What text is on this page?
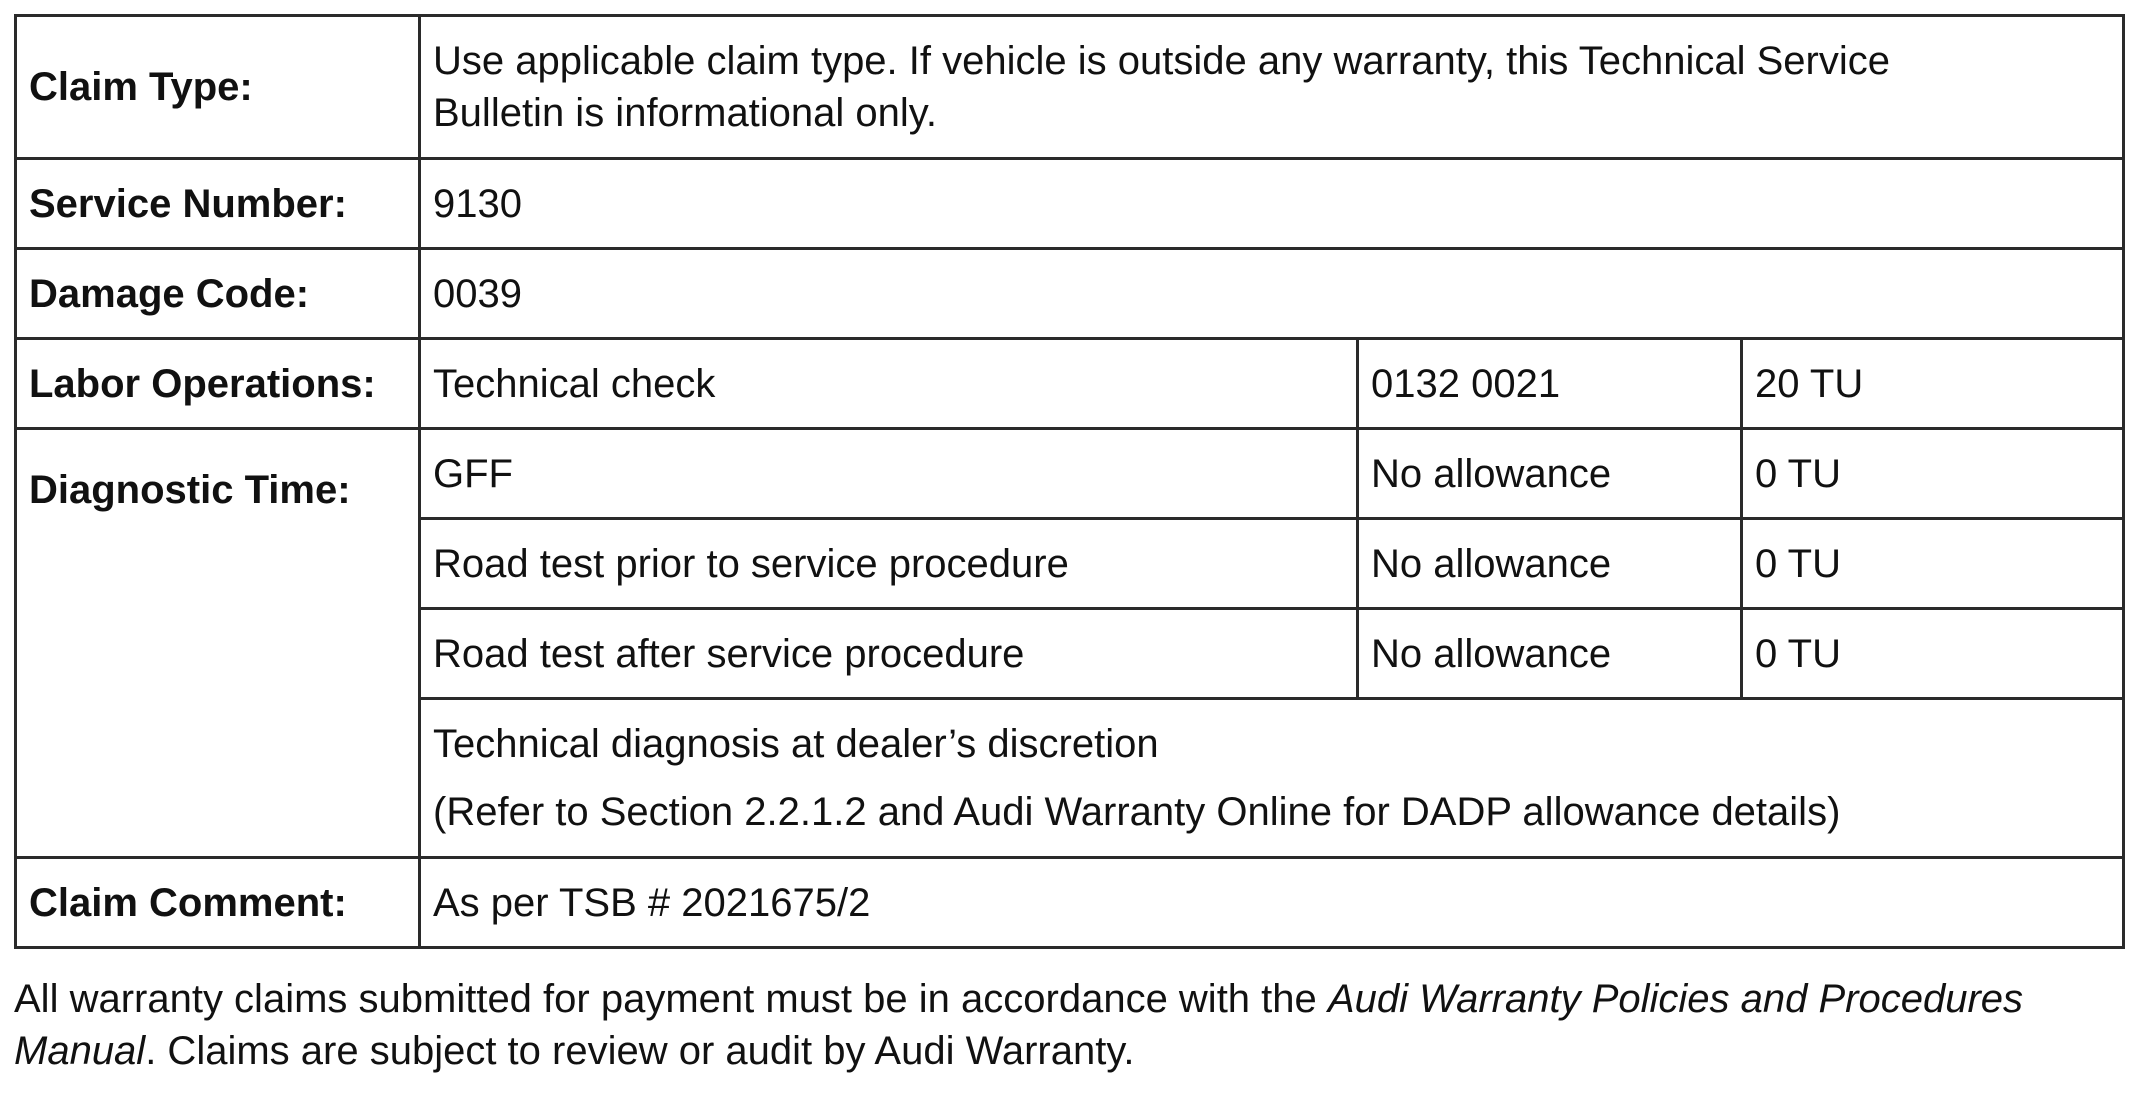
Claim Type:	Use applicable claim type. If vehicle is outside any warranty, this Technical Service
Bulletin is informational only.		
Service Number:	9130		
Damage Code:	0039		
Labor Operations:	Technical check	0132 0021	20 TU
Diagnostic Time:	GFF	No allowance	0 TU
	Road test prior to service procedure	No allowance	0 TU
	Road test after service procedure	No allowance	0 TU

	Technical diagnosis at dealer’s discretion
(Refer to Section 2.2.1.2 and Audi Warranty Online for DADP allowance details)		

Claim Comment:	As per TSB # 2021675/2		

All warranty claims submitted for payment must be in accordance with the Audi Warranty Policies and Procedures Manual. Claims are subject to review or audit by Audi Warranty.
